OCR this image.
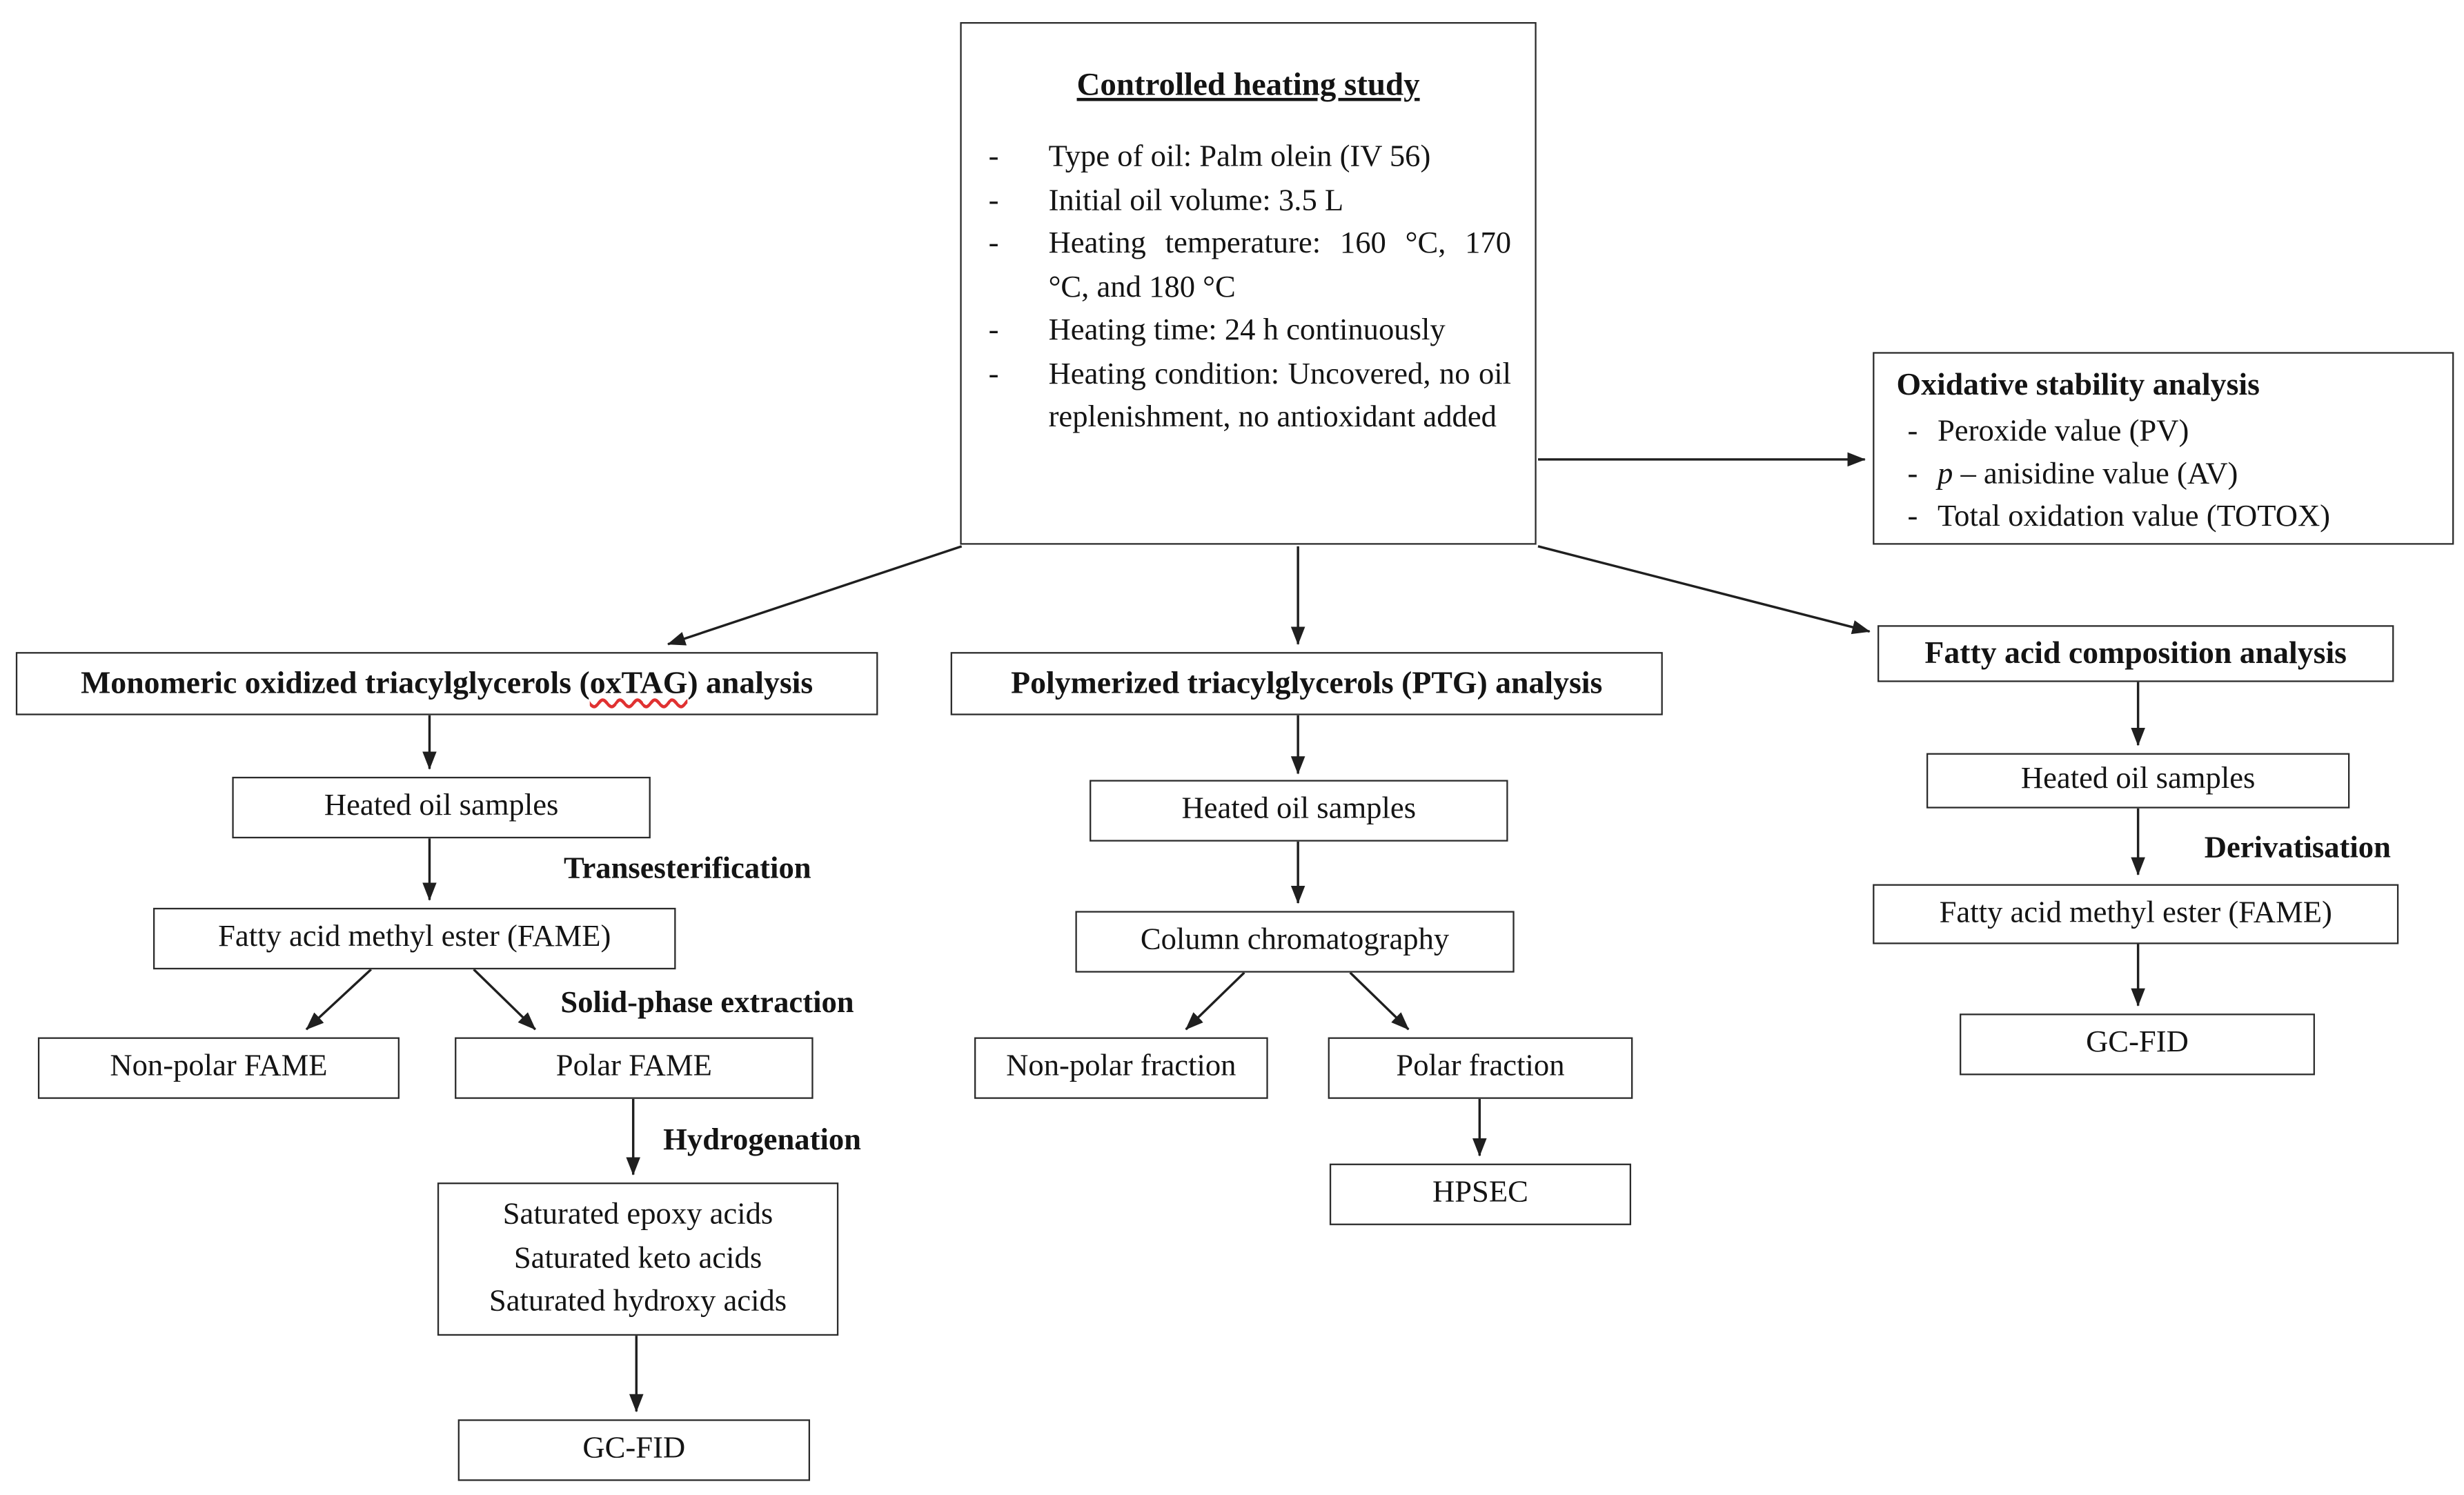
Controlled heating study
-	Type of oil: Palm olein (IV 56)
-	Initial oil volume: 3.5 L
-	Heating temperature: 160 °C, 170 °C, and 180 °C
-	Heating time: 24 h continuously
-	Heating condition: Uncovered, no oil replenishment, no antioxidant added
Oxidative stability analysis
- Peroxide value (PV)
- p – anisidine value (AV)
- Total oxidation value (TOTOX)
Monomeric oxidized triacylglycerols (oxTAG) analysis
Heated oil samples
Transesterification
Fatty acid methyl ester (FAME)
Solid-phase extraction
Non-polar FAME	Polar FAME
Hydrogenation
Saturated epoxy acids
Saturated keto acids
Saturated hydroxy acids
GC-FID
Polymerized triacylglycerols (PTG) analysis
Heated oil samples
Column chromatography
Non-polar fraction	Polar fraction
HPSEC
Fatty acid composition analysis
Heated oil samples
Derivatisation
Fatty acid methyl ester (FAME)
GC-FID
